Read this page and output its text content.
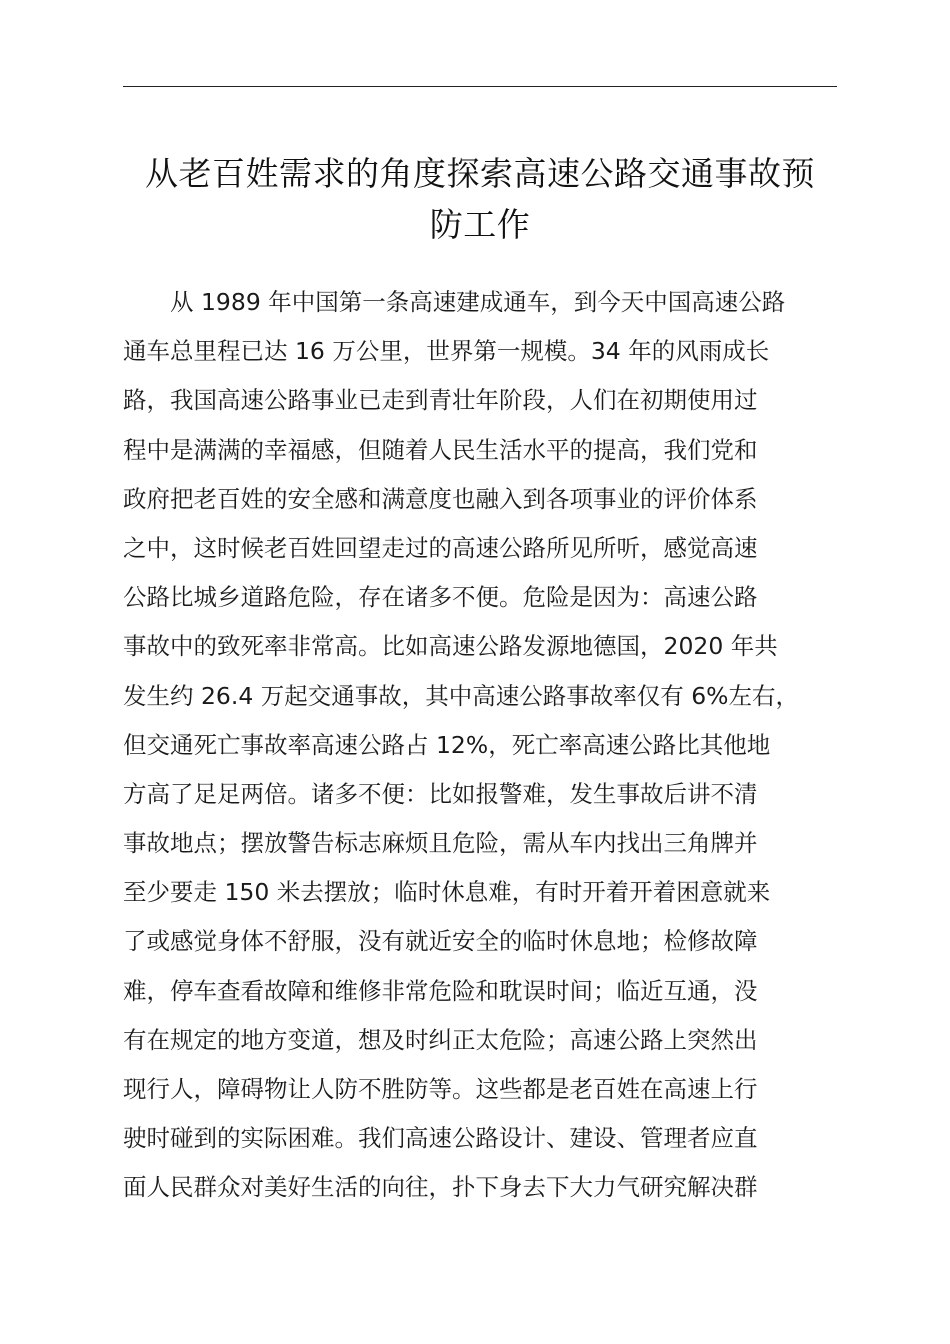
从老百姓需求的角度探索高速公路交通事故预
防工作
从 1989 年中国第一条高速建成通车，到今天中国高速公路
通车总里程已达 16 万公里，世界第一规模。34 年的风雨成长
路，我国高速公路事业已走到青壮年阶段，人们在初期使用过
程中是满满的幸福感，但随着人民生活水平的提高，我们党和
政府把老百姓的安全感和满意度也融入到各项事业的评价体系
之中，这时候老百姓回望走过的高速公路所见所听，感觉高速
公路比城乡道路危险，存在诸多不便。危险是因为：高速公路
事故中的致死率非常高。比如高速公路发源地德国，2020 年共
发生约 26.4 万起交通事故，其中高速公路事故率仅有 6%左右，
但交通死亡事故率高速公路占 12%，死亡率高速公路比其他地
方高了足足两倍。诸多不便：比如报警难，发生事故后讲不清
事故地点；摆放警告标志麻烦且危险，需从车内找出三角牌并
至少要走 150 米去摆放；临时休息难，有时开着开着困意就来
了或感觉身体不舒服，没有就近安全的临时休息地；检修故障
难，停车查看故障和维修非常危险和耽误时间；临近互通，没
有在规定的地方变道，想及时纠正太危险；高速公路上突然出
现行人，障碍物让人防不胜防等。这些都是老百姓在高速上行
驶时碰到的实际困难。我们高速公路设计、建设、管理者应直
面人民群众对美好生活的向往，扑下身去下大力气研究解决群
